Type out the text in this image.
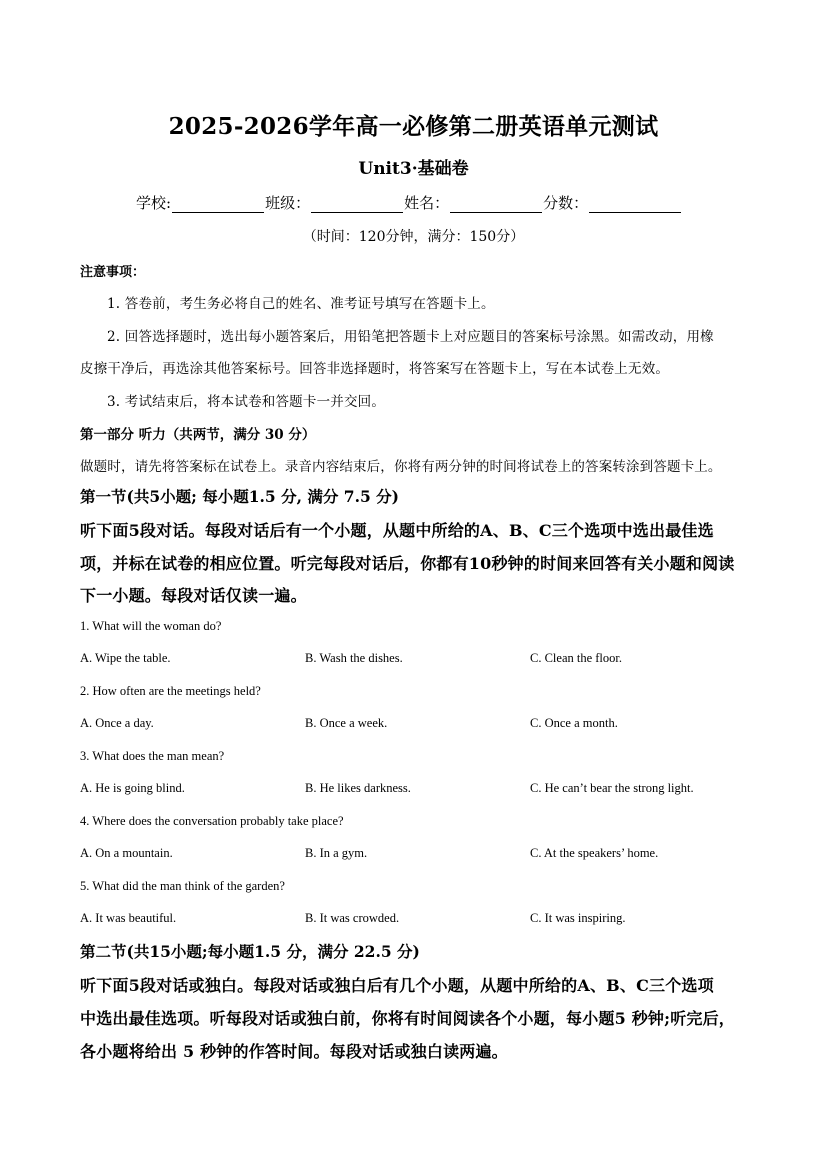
2025-2026学年高一必修第二册英语单元测试
Unit3·基础卷
学校:	班级：	姓名：	分数：
（时间：120分钟，满分：150分）
注意事项：
1. 答卷前，考生务必将自己的姓名、准考证号填写在答题卡上。
2. 回答选择题时，选出每小题答案后，用铅笔把答题卡上对应题目的答案标号涂黑。如需改动，用橡
皮擦干净后，再选涂其他答案标号。回答非选择题时，将答案写在答题卡上，写在本试卷上无效。
3. 考试结束后，将本试卷和答题卡一并交回。
第一部分 听力（共两节，满分 30 分）
做题时，请先将答案标在试卷上。录音内容结束后，你将有两分钟的时间将试卷上的答案转涂到答题卡上。
第一节(共5小题; 每小题1.5 分, 满分 7.5 分)
听下面5段对话。每段对话后有一个小题，从题中所给的A、B、C三个选项中选出最佳选
项，并标在试卷的相应位置。听完每段对话后，你都有10秒钟的时间来回答有关小题和阅读
下一小题。每段对话仅读一遍。
1. What will the woman do?
A. Wipe the table.	B. Wash the dishes.	C. Clean the floor.
2. How often are the meetings held?
A. Once a day.	B. Once a week.	C. Once a month.
3. What does the man mean?
A. He is going blind.	B. He likes darkness.	C. He can’t bear the strong light.
4. Where does the conversation probably take place?
A. On a mountain.	B. In a gym.	C. At the speakers’ home.
5. What did the man think of the garden?
A. It was beautiful.	B. It was crowded.	C. It was inspiring.
第二节(共15小题;每小题1.5 分，满分 22.5 分)
听下面5段对话或独白。每段对话或独白后有几个小题，从题中所给的A、B、C三个选项
中选出最佳选项。听每段对话或独白前，你将有时间阅读各个小题，每小题5 秒钟;听完后，
各小题将给出 5 秒钟的作答时间。每段对话或独白读两遍。
